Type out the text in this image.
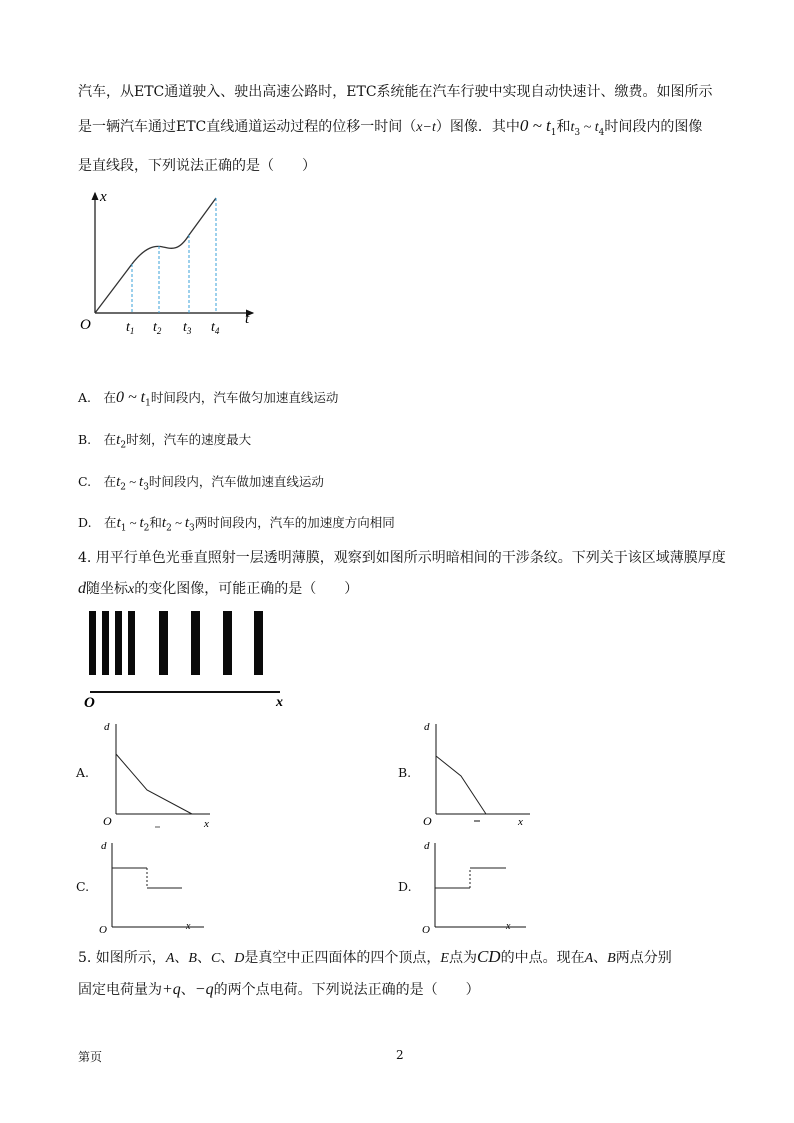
汽车，从ETC通道驶入、驶出高速公路时，ETC系统能在汽车行驶中实现自动快速计、缴费。如图所示
是一辆汽车通过ETC直线通道运动过程的位移一时间（x−t）图像．其中0 ~ $t_1$和$t_3$ ~ $t_4$时间段内的图像
是直线段，下列说法正确的是（　　）
x
t
O	$t_1$ $t_2$ $t_3$ $t_4$
A.　在0 ~ $t_1$时间段内，汽车做匀加速直线运动
B.　在$t_2$时刻，汽车的速度最大
C.　在$t_2$ ~ $t_3$时间段内，汽车做加速直线运动
D.　在$t_1$ ~ $t_2$和$t_2$ ~ $t_3$两时间段内，汽车的加速度方向相同
4. 用平行单色光垂直照射一层透明薄膜，观察到如图所示明暗相间的干涉条纹。下列关于该区域薄膜厚度
d随坐标x的变化图像，可能正确的是（　　）
O	x
A.	B.
C.	D.
d
O	x
d
O	x
d
O	x
d
O	x
5. 如图所示，A、B、C、D是真空中正四面体的四个顶点，E点为CD的中点。现在A、B两点分别
固定电荷量为+q、−q的两个点电荷。下列说法正确的是（　　）
第页	2
